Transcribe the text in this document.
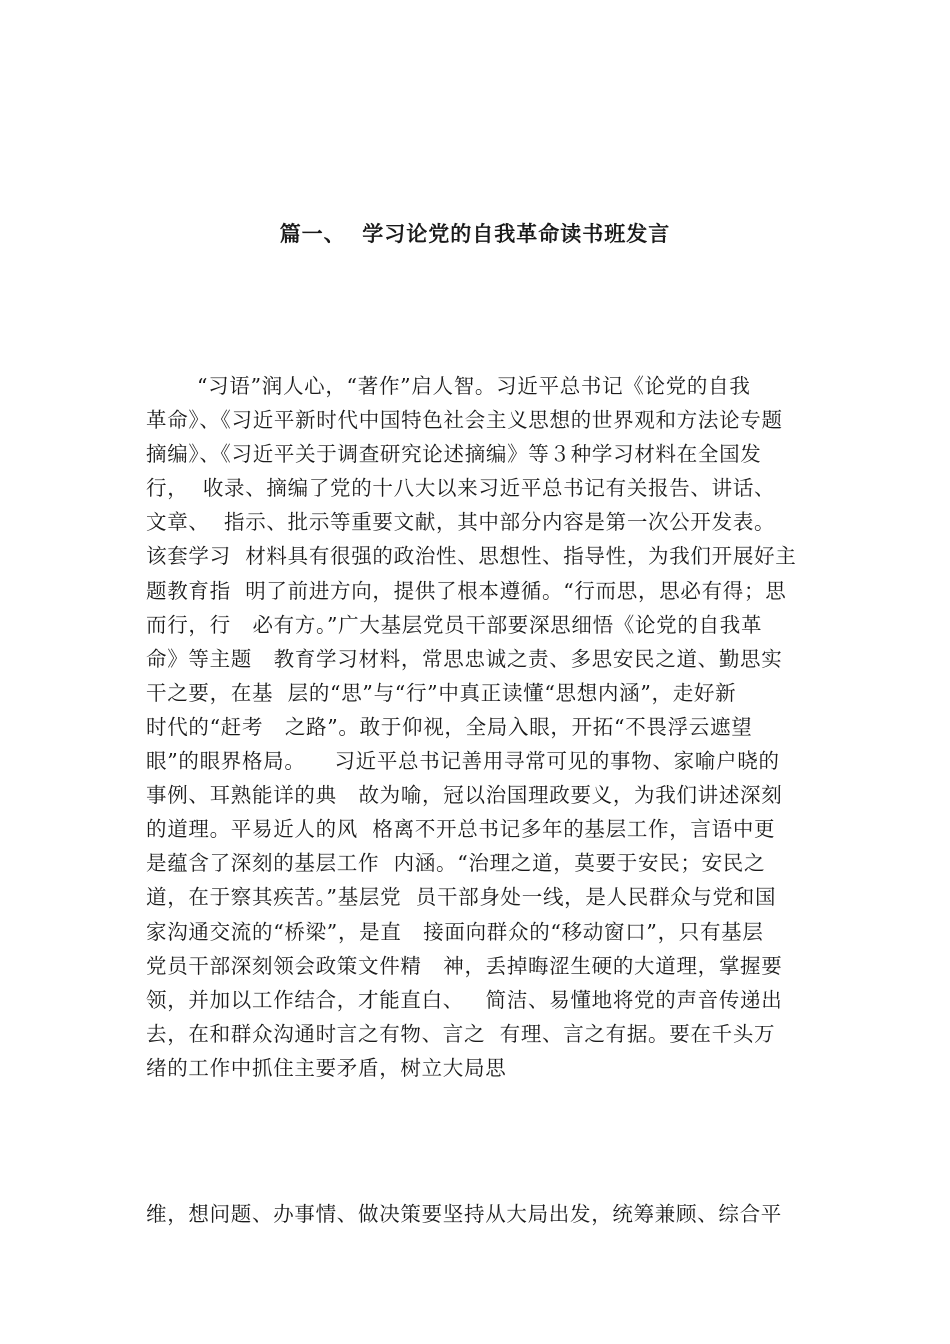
篇一、  学习论党的自我革命读书班发言
“习语”润人心，“著作”启人智。习近平总书记《论党的自我
革命》、《习近平新时代中国特色社会主义思想的世界观和方法论专题
摘编》、《习近平关于调查研究论述摘编》等３种学习材料在全国发
行，  收录、摘编了党的十八大以来习近平总书记有关报告、讲话、
文章、  指示、批示等重要文献，其中部分内容是第一次公开发表。
该套学习  材料具有很强的政治性、思想性、指导性，为我们开展好主
题教育指  明了前进方向，提供了根本遵循。“行而思，思必有得；思
而行，行   必有方。”广大基层党员干部要深思细悟《论党的自我革
命》等主题   教育学习材料，常思忠诚之责、多思安民之道、勤思实
干之要，在基  层的“思”与“行”中真正读懂“思想内涵”，走好新
时代的“赶考   之路”。敢于仰视，全局入眼，开拓“不畏浮云遮望
眼”的眼界格局。    习近平总书记善用寻常可见的事物、家喻户晓的
事例、耳熟能详的典   故为喻，冠以治国理政要义，为我们讲述深刻
的道理。平易近人的风  格离不开总书记多年的基层工作，言语中更
是蕴含了深刻的基层工作  内涵。“治理之道，莫要于安民；安民之
道，在于察其疾苦。”基层党  员干部身处一线，是人民群众与党和国
家沟通交流的“桥梁”，是直   接面向群众的“移动窗口”，只有基层
党员干部深刻领会政策文件精   神，丢掉晦涩生硬的大道理，掌握要
领，并加以工作结合，才能直白、   简洁、易懂地将党的声音传递出
去，在和群众沟通时言之有物、言之  有理、言之有据。要在千头万
绪的工作中抓住主要矛盾，树立大局思
维，想问题、办事情、做决策要坚持从大局出发，统筹兼顾、综合平
